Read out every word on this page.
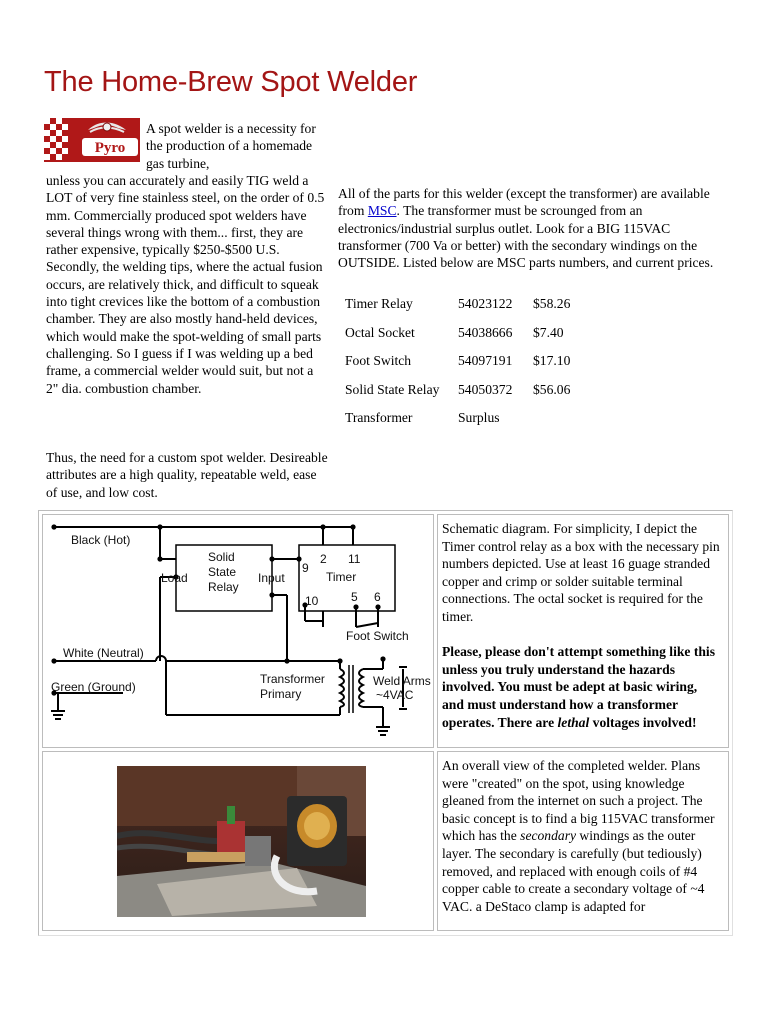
The Home-Brew Spot Welder
Pyro

A spot welder is a necessity for the production of a homemade gas turbine,

unless you can accurately and easily TIG weld a LOT of very fine stainless steel, on the order of 0.5 mm. Commercially produced spot welders have several things wrong with them... first, they are rather expensive, typically $250-$500 U.S. Secondly, the welding tips, where the actual fusion occurs, are relatively thick, and difficult to squeak into tight crevices like the bottom of a combustion chamber. They are also mostly hand-held devices, which would make the spot-welding of small parts challenging. So I guess if I was welding up a bed frame, a commercial welder would suit, but not a 2" dia. combustion chamber.

Thus, the need for a custom spot welder. Desireable attributes are a high quality, repeatable weld, ease of use, and low cost.

All of the parts for this welder (except the transformer) are available from MSC. The transformer must be scrounged from an electronics/industrial surplus outlet. Look for a BIG 115VAC transformer (700 Va or better) with the secondary windings on the OUTSIDE. Listed below are MSC parts numbers, and current prices.

Timer Relay	54023122	$58.26
Octal Socket	54038666	$7.40
Foot Switch	54097191	$17.10
Solid State Relay	54050372	$56.06
Transformer	Surplus	
Black (Hot)
Solid
State
Relay
Load	Input
9
2 11
Timer
10	5 6
Foot Switch
White (Neutral)
Green (Ground)
Transformer
Primary
Weld Arms
~4VAC

Schematic diagram. For simplicity, I depict the Timer control relay as a box with the necessary pin numbers depicted. Use at least 16 guage stranded copper and crimp or solder suitable terminal connections. The octal socket is required for the timer.

Please, please don't attempt something like this unless you truly understand the hazards involved. You must be adept at basic wiring, and must understand how a transformer operates. There are lethal voltages involved!

An overall view of the completed welder. Plans were "created" on the spot, using knowledge gleaned from the internet on such a project. The basic concept is to find a big 115VAC transformer which has the secondary windings as the outer layer. The secondary is carefully (but tediously) removed, and replaced with enough coils of #4 copper cable to create a secondary voltage of ~4 VAC. a DeStaco clamp is adapted for
